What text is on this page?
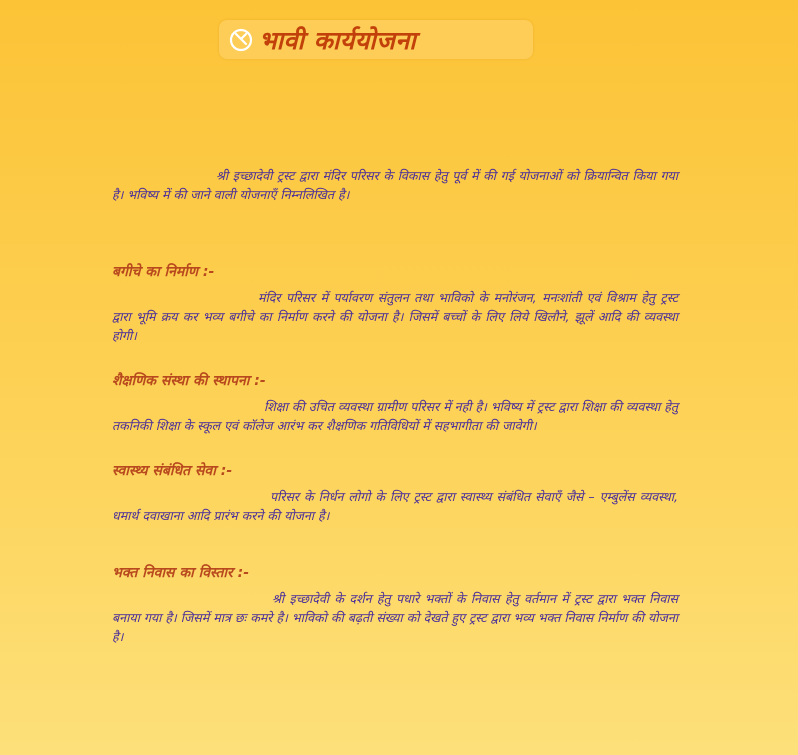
भावी कार्ययोजना

श्री इच्छादेवी ट्रस्ट द्वारा मंदिर परिसर के विकास हेतु पूर्व में की गई योजनाओं को क्रियान्वित किया गया है। भविष्य में की जाने वाली योजनाएँ निम्नलिखित है।

बगीचे का निर्माण :-

मंदिर परिसर में पर्यावरण संतुलन तथा भाविको के मनोरंजन, मनःशांती एवं विश्राम हेतु ट्रस्ट द्वारा भूमि क्रय कर भव्य बगीचे का निर्माण करने की योजना है। जिसमें बच्चों के लिए लिये खिलौने, झूलें आदि की व्यवस्था होगी।

शैक्षणिक संस्था की स्थापना :-

शिक्षा की उचित व्यवस्था ग्रामीण परिसर में नही है। भविष्य में ट्रस्ट द्वारा शिक्षा की व्यवस्था हेतु तकनिकी शिक्षा के स्कूल एवं कॉलेज आरंभ कर शैक्षणिक गतिविधियों में सहभागीता की जावेगी।

स्वास्थ्य संबंधित सेवा :-

परिसर के निर्धन लोगो के लिए ट्रस्ट द्वारा स्वास्थ्य संबंधित सेवाएँ जैसे – एम्बुलेंस व्यवस्था, धमार्थ दवाखाना आदि प्रारंभ करने की योजना है।

भक्त निवास का विस्तार :-

श्री इच्छादेवी के दर्शन हेतु पधारे भक्तों के निवास हेतु वर्तमान में ट्रस्ट द्वारा भक्त निवास बनाया गया है। जिसमें मात्र छः कमरे है। भाविको की बढ़ती संख्या को देखते हुए ट्रस्ट द्वारा भव्य भक्त निवास निर्माण की योजना है।
